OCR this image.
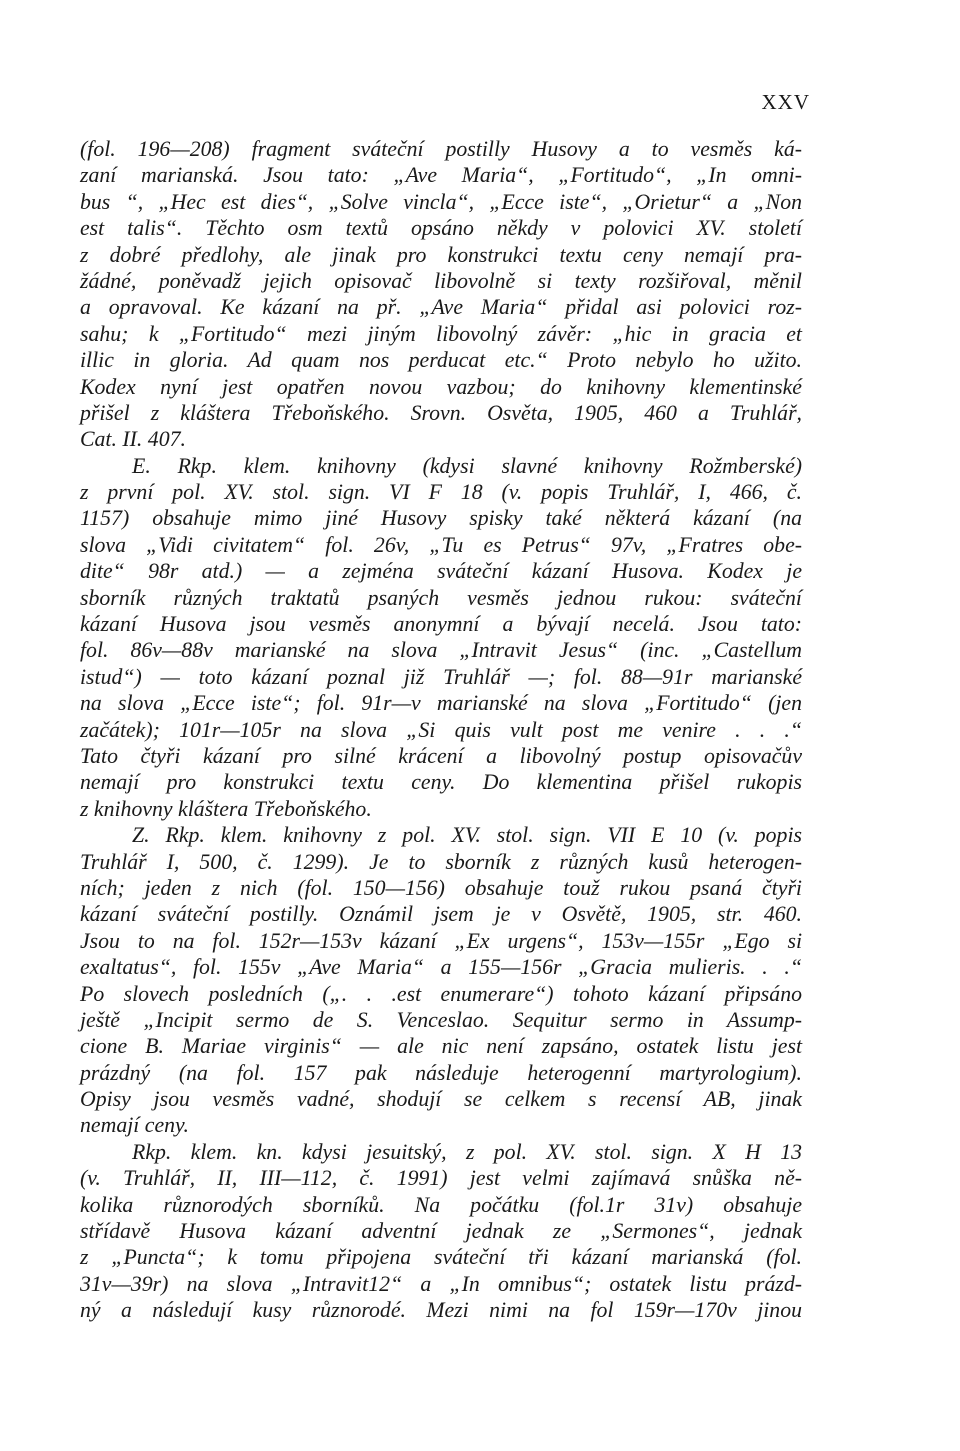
XXV
(fol. 196—208) fragment sváteční postilly Husovy a to vesměs ká-
zaní marianská. Jsou tato: „Ave Maria“, „Fortitudo“, „In omni-
bus “, „Hec est dies“, „Solve vincla“, „Ecce iste“, „Orietur“ a „Non
est talis“. Těchto osm textů opsáno někdy v polovici XV. století
z dobré předlohy, ale jinak pro konstrukci textu ceny nemají pra-
žádné, poněvadž jejich opisovač libovolně si texty rozšiřoval, měnil
a opravoval. Ke kázaní na př. „Ave Maria“ přidal asi polovici roz-
sahu; k „Fortitudo“ mezi jiným libovolný závěr: „hic in gracia et
illic in gloria. Ad quam nos perducat etc.“ Proto nebylo ho užito.
Kodex nyní jest opatřen novou vazbou; do knihovny klementinské
přišel z kláštera Třeboňského. Srovn. Osvěta, 1905, 460 a Truhlář,
Cat. II. 407.
E. Rkp. klem. knihovny (kdysi slavné knihovny Rožmberské)
z první pol. XV. stol. sign. VI F 18 (v. popis Truhlář, I, 466, č.
1157) obsahuje mimo jiné Husovy spisky také některá kázaní (na
slova „Vidi civitatem“ fol. 26v, „Tu es Petrus“ 97v, „Fratres obe-
dite“ 98r atd.) — a zejména sváteční kázaní Husova. Kodex je
sborník různých traktatů psaných vesměs jednou rukou: sváteční
kázaní Husova jsou vesměs anonymní a bývají necelá. Jsou tato:
fol. 86v—88v marianské na slova „Intravit Jesus“ (inc. „Castellum
istud“) — toto kázaní poznal již Truhlář —; fol. 88—91r marianské
na slova „Ecce iste“; fol. 91r—v marianské na slova „Fortitudo“ (jen
začátek); 101r—105r na slova „Si quis vult post me venire . . .“
Tato čtyři kázaní pro silné krácení a libovolný postup opisovačův
nemají pro konstrukci textu ceny. Do klementina přišel rukopis
z knihovny kláštera Třeboňského.
Z. Rkp. klem. knihovny z pol. XV. stol. sign. VII E 10 (v. popis
Truhlář I, 500, č. 1299). Je to sborník z různých kusů heterogen-
ních; jeden z nich (fol. 150—156) obsahuje touž rukou psaná čtyři
kázaní sváteční postilly. Oznámil jsem je v Osvětě, 1905, str. 460.
Jsou to na fol. 152r—153v kázaní „Ex urgens“, 153v—155r „Ego si
exaltatus“, fol. 155v „Ave Maria“ a 155—156r „Gracia mulieris. . .“
Po slovech posledních („. . .est enumerare“) tohoto kázaní připsáno
ještě „Incipit sermo de S. Venceslao. Sequitur sermo in Assump-
cione B. Mariae virginis“ — ale nic není zapsáno, ostatek listu jest
prázdný (na fol. 157 pak následuje heterogenní martyrologium).
Opisy jsou vesměs vadné, shodují se celkem s recensí AB, jinak
nemají ceny.
Rkp. klem. kn. kdysi jesuitský, z pol. XV. stol. sign. X H 13
(v. Truhlář, II, III—112, č. 1991) jest velmi zajímavá snůška ně-
kolika různorodých sborníků. Na počátku (fol.1r 31v) obsahuje
střídavě Husova kázaní adventní jednak ze „Sermones“, jednak
z „Puncta“; k tomu připojena sváteční tři kázaní marianská (fol.
31v—39r) na slova „Intravit12“ a „In omnibus“; ostatek listu prázd-
ný a následují kusy různorodé. Mezi nimi na fol 159r—170v jinou
